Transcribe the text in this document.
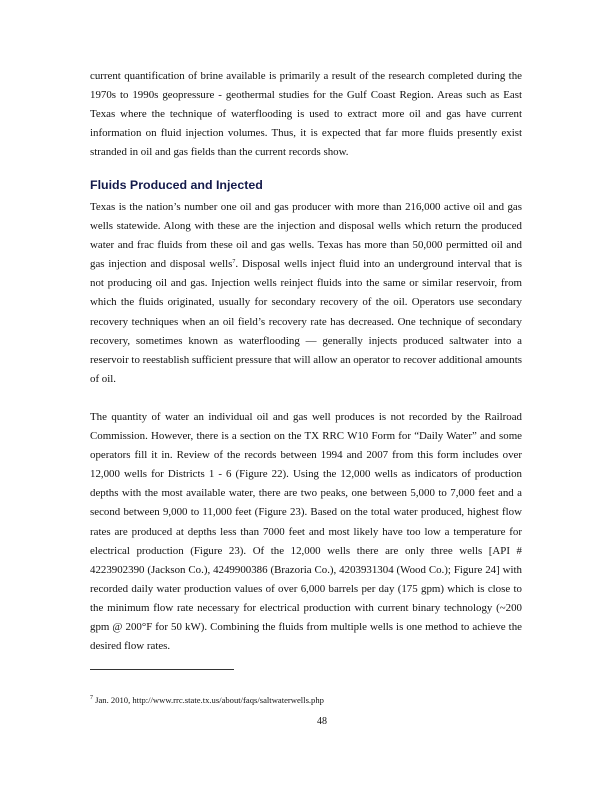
current quantification of brine available is primarily a result of the research completed during the 1970s to 1990s geopressure - geothermal studies for the Gulf Coast Region. Areas such as East Texas where the technique of waterflooding is used to extract more oil and gas have current information on fluid injection volumes. Thus, it is expected that far more fluids presently exist stranded in oil and gas fields than the current records show.

Fluids Produced and Injected

Texas is the nation’s number one oil and gas producer with more than 216,000 active oil and gas wells statewide. Along with these are the injection and disposal wells which return the produced water and frac fluids from these oil and gas wells. Texas has more than 50,000 permitted oil and gas injection and disposal wells$^7$. Disposal wells inject fluid into an underground interval that is not producing oil and gas. Injection wells reinject fluids into the same or similar reservoir, from which the fluids originated, usually for secondary recovery of the oil. Operators use secondary recovery techniques when an oil field’s recovery rate has decreased. One technique of secondary recovery, sometimes known as waterflooding — generally injects produced saltwater into a reservoir to reestablish sufficient pressure that will allow an operator to recover additional amounts of oil.

The quantity of water an individual oil and gas well produces is not recorded by the Railroad Commission. However, there is a section on the TX RRC W10 Form for “Daily Water” and some operators fill it in. Review of the records between 1994 and 2007 from this form includes over 12,000 wells for Districts 1 - 6 (Figure 22). Using the 12,000 wells as indicators of production depths with the most available water, there are two peaks, one between 5,000 to 7,000 feet and a second between 9,000 to 11,000 feet (Figure 23). Based on the total water produced, highest flow rates are produced at depths less than 7000 feet and most likely have too low a temperature for electrical production (Figure 23). Of the 12,000 wells there are only three wells [API # 4223902390 (Jackson Co.), 4249900386 (Brazoria Co.), 4203931304 (Wood Co.); Figure 24] with recorded daily water production values of over 6,000 barrels per day (175 gpm) which is close to the minimum flow rate necessary for electrical production with current binary technology (~200 gpm @ 200°F for 50 kW). Combining the fluids from multiple wells is one method to achieve the desired flow rates.

$^7$ Jan. 2010, http://www.rrc.state.tx.us/about/faqs/saltwaterwells.php
48
